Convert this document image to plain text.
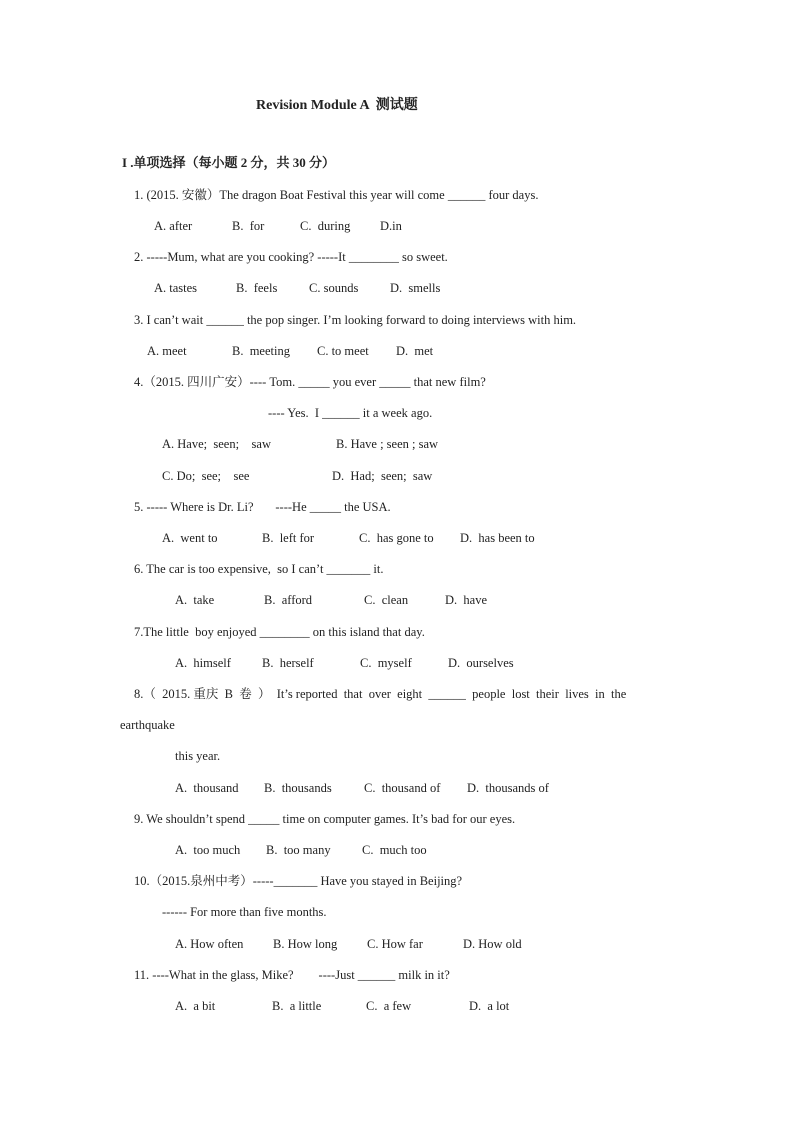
Revision Module A  测试题
I .单项选择（每小题 2 分，共 30 分）
1. (2015. 安徽）The dragon Boat Festival this year will come ______ four days.
A. after	B.  for	C.  during D.in
2. -----Mum, what are you cooking? -----It ________ so sweet.
A. tastes	B.  feels	C. sounds	D.  smells
3. I can’t wait ______ the pop singer. I’m looking forward to doing interviews with him.
A. meet	B.  meeting C. to meet D.  met
4.（2015. 四川广安）---- Tom. _____ you ever _____ that new film?
---- Yes.  I ______ it a week ago.
A. Have;  seen;    saw	B. Have ; seen ; saw
C. Do;  see;    see	D.  Had;  seen;  saw
5. ----- Where is Dr. Li?       ----He _____ the USA.
A.  went to	B.  left for	C.  has gone to D.  has been to
6. The car is too expensive,  so I can’t _______ it.
A.  take	B.  afford	C.  clean	D.  have
7.The little  boy enjoyed ________ on this island that day.
A.  himself B.  herself	C.  myself	D.  ourselves
8.（  2015. 重庆  B  卷  ）  It’s reported  that  over  eight  ______  people  lost  their  lives  in  the
earthquake
this year.
A.  thousand B.  thousands	C.  thousand of D.  thousands of
9. We shouldn’t spend _____ time on computer games. It’s bad for our eyes.
A.  too much B.  too many	C.  much too
10.（2015.泉州中考）-----_______ Have you stayed in Beijing?
------ For more than five months.
A. How often B. How long C. How far	D. How old
11. ----What in the glass, Mike?        ----Just ______ milk in it?
A.  a bit	B.  a little	C.  a few	D.  a lot
